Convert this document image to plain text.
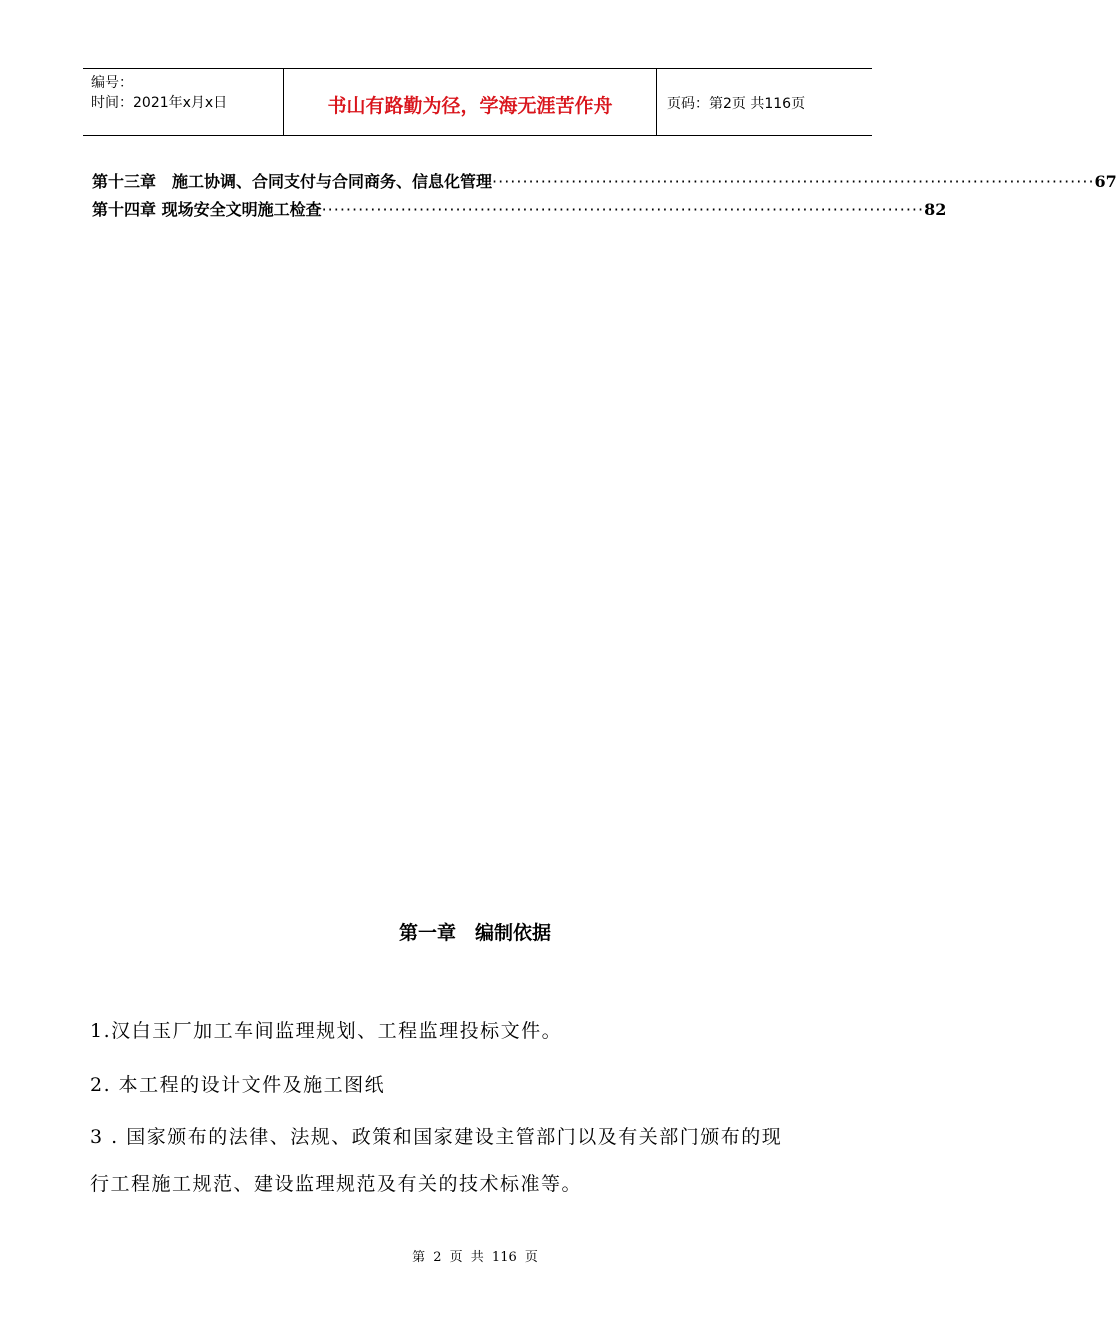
编号：
时间：2021年x月x日	书山有路勤为径，学海无涯苦作舟	页码：第2页 共116页
第十三章　施工协调、合同支付与合同商务、信息化管理 ··································································································· 67
第十四章 现场安全文明施工检查 ··································································································· 82
第一章　编制依据
1.汉白玉厂加工车间监理规划、工程监理投标文件。
2. 本工程的设计文件及施工图纸
3 . 国家颁布的法律、法规、政策和国家建设主管部门以及有关部门颁布的现
行工程施工规范、建设监理规范及有关的技术标准等。
第 2 页 共 116 页
